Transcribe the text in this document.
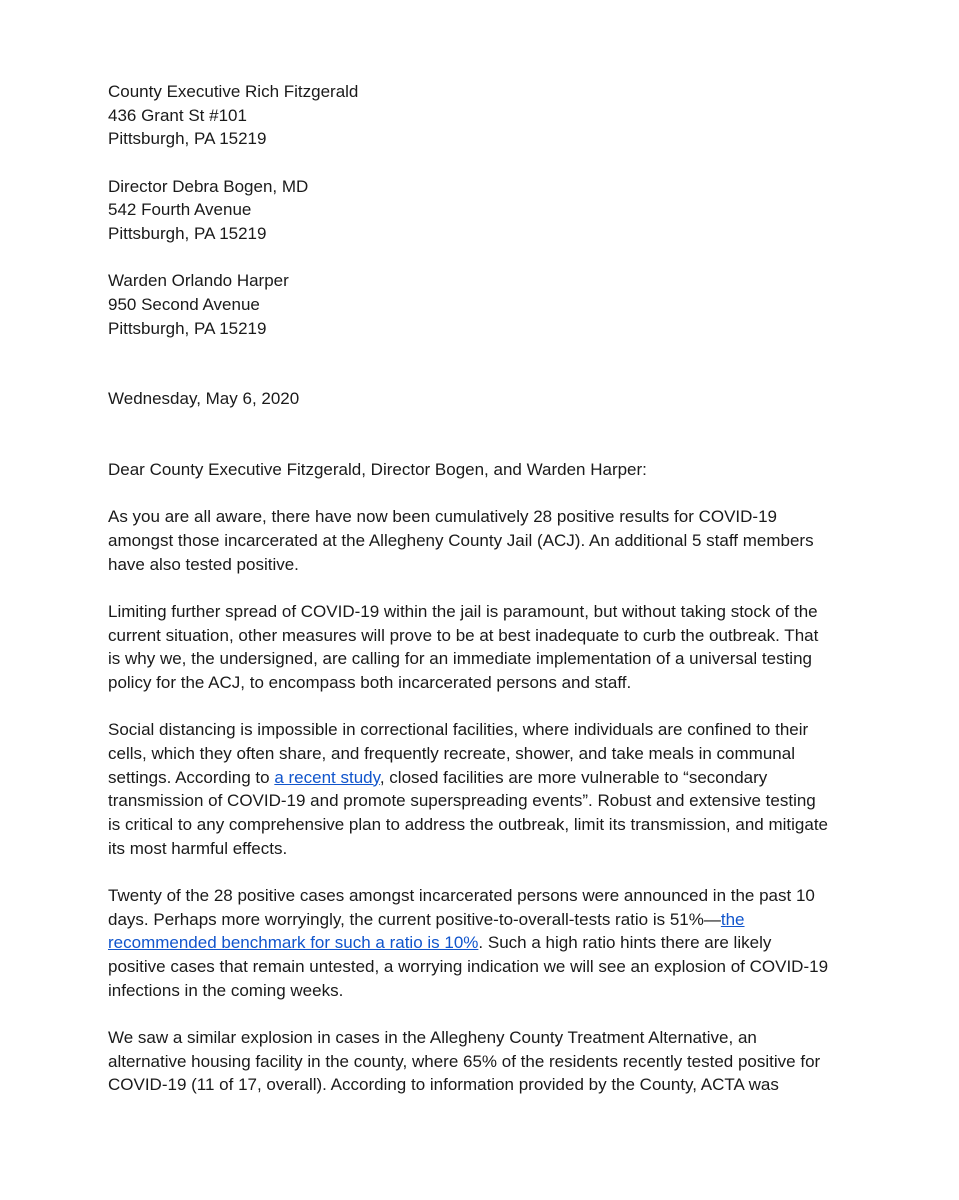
County Executive Rich Fitzgerald
436 Grant St #101
Pittsburgh, PA 15219
Director Debra Bogen, MD
542 Fourth Avenue
Pittsburgh, PA 15219
Warden Orlando Harper
950 Second Avenue
Pittsburgh, PA 15219
Wednesday, May 6, 2020
Dear County Executive Fitzgerald, Director Bogen, and Warden Harper:
As you are all aware, there have now been cumulatively 28 positive results for COVID-19
amongst those incarcerated at the Allegheny County Jail (ACJ). An additional 5 staff members
have also tested positive.
Limiting further spread of COVID-19 within the jail is paramount, but without taking stock of the
current situation, other measures will prove to be at best inadequate to curb the outbreak. That
is why we, the undersigned, are calling for an immediate implementation of a universal testing
policy for the ACJ, to encompass both incarcerated persons and staff.
Social distancing is impossible in correctional facilities, where individuals are confined to their
cells, which they often share, and frequently recreate, shower, and take meals in communal
settings. According to a recent study, closed facilities are more vulnerable to “secondary
transmission of COVID-19 and promote superspreading events”. Robust and extensive testing
is critical to any comprehensive plan to address the outbreak, limit its transmission, and mitigate
its most harmful effects.
Twenty of the 28 positive cases amongst incarcerated persons were announced in the past 10
days. Perhaps more worryingly, the current positive-to-overall-tests ratio is 51%—the
recommended benchmark for such a ratio is 10%. Such a high ratio hints there are likely
positive cases that remain untested, a worrying indication we will see an explosion of COVID-19
infections in the coming weeks.
We saw a similar explosion in cases in the Allegheny County Treatment Alternative, an
alternative housing facility in the county, where 65% of the residents recently tested positive for
COVID-19 (11 of 17, overall). According to information provided by the County, ACTA was
